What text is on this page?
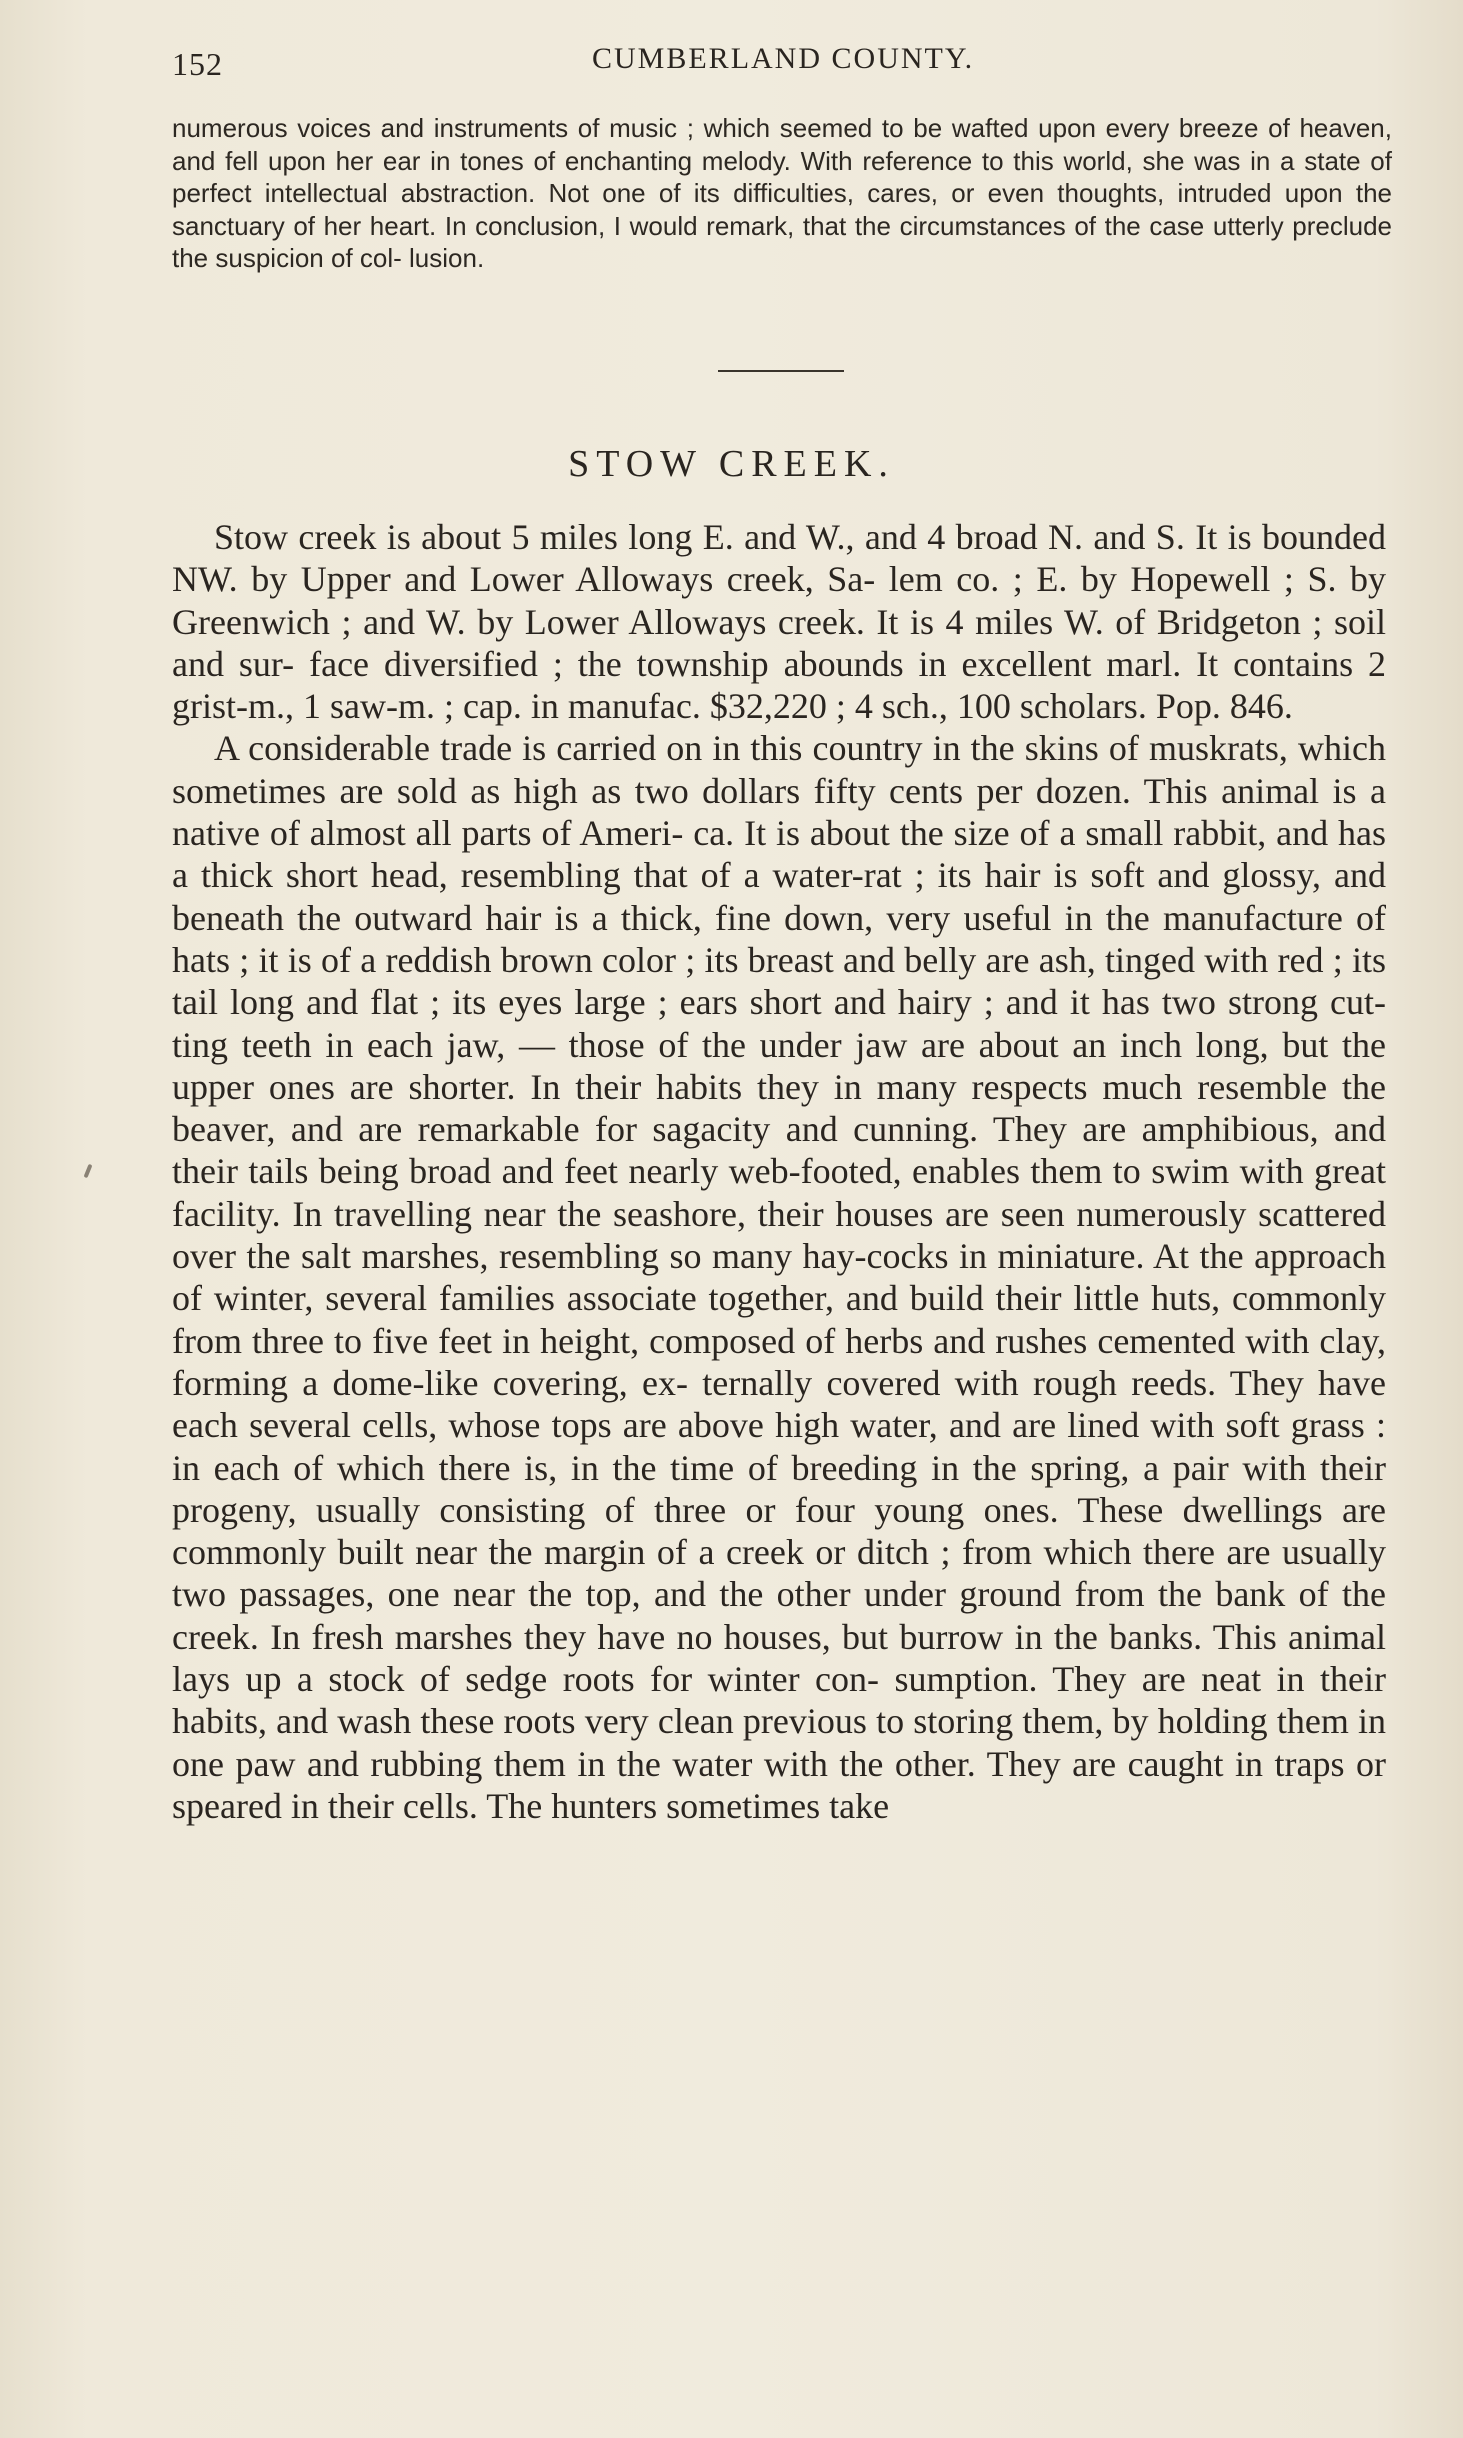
152	CUMBERLAND COUNTY.

numerous voices and instruments of music ; which seemed to be wafted upon every breeze of heaven, and fell upon her ear in tones of enchanting melody. With reference to this world, she was in a state of perfect intellectual abstraction. Not one of its difficulties, cares, or even thoughts, intruded upon the sanctuary of her heart. In conclusion, I would remark, that the circumstances of the case utterly preclude the suspicion of col- lusion.

STOW CREEK.

Stow creek is about 5 miles long E. and W., and 4 broad N. and S. It is bounded NW. by Upper and Lower Alloways creek, Sa- lem co. ; E. by Hopewell ; S. by Greenwich ; and W. by Lower Alloways creek. It is 4 miles W. of Bridgeton ; soil and sur- face diversified ; the township abounds in excellent marl. It contains 2 grist-m., 1 saw-m. ; cap. in manufac. $32,220 ; 4 sch., 100 scholars. Pop. 846.

A considerable trade is carried on in this country in the skins of muskrats, which sometimes are sold as high as two dollars fifty cents per dozen. This animal is a native of almost all parts of Ameri- ca. It is about the size of a small rabbit, and has a thick short head, resembling that of a water-rat ; its hair is soft and glossy, and beneath the outward hair is a thick, fine down, very useful in the manufacture of hats ; it is of a reddish brown color ; its breast and belly are ash, tinged with red ; its tail long and flat ; its eyes large ; ears short and hairy ; and it has two strong cut- ting teeth in each jaw, — those of the under jaw are about an inch long, but the upper ones are shorter. In their habits they in many respects much resemble the beaver, and are remarkable for sagacity and cunning. They are amphibious, and their tails being broad and feet nearly web-footed, enables them to swim with great facility. In travelling near the seashore, their houses are seen numerously scattered over the salt marshes, resembling so many hay-cocks in miniature. At the approach of winter, several families associate together, and build their little huts, commonly from three to five feet in height, composed of herbs and rushes cemented with clay, forming a dome-like covering, ex- ternally covered with rough reeds. They have each several cells, whose tops are above high water, and are lined with soft grass : in each of which there is, in the time of breeding in the spring, a pair with their progeny, usually consisting of three or four young ones. These dwellings are commonly built near the margin of a creek or ditch ; from which there are usually two passages, one near the top, and the other under ground from the bank of the creek. In fresh marshes they have no houses, but burrow in the banks. This animal lays up a stock of sedge roots for winter con- sumption. They are neat in their habits, and wash these roots very clean previous to storing them, by holding them in one paw and rubbing them in the water with the other. They are caught in traps or speared in their cells. The hunters sometimes take
